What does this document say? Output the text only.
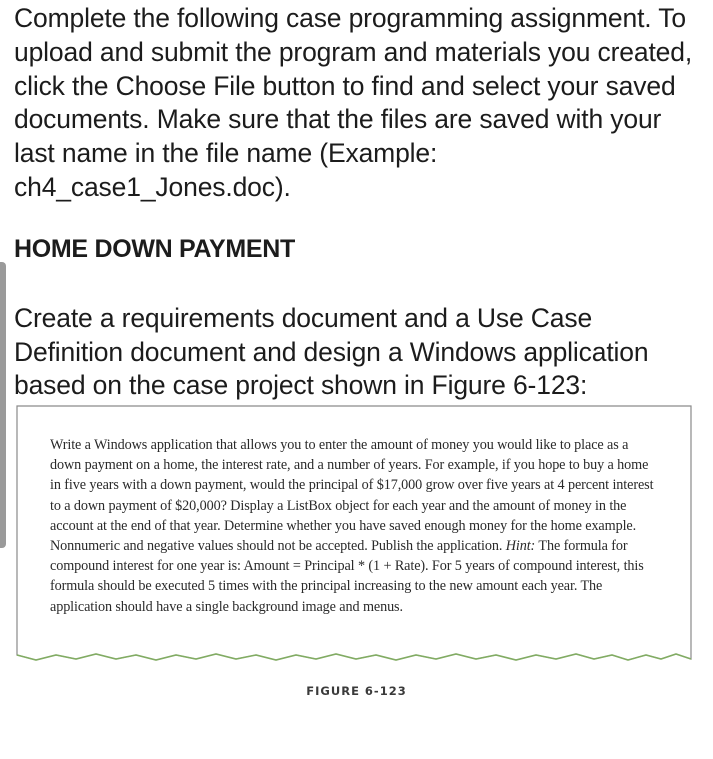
Complete the following case programming assignment. To upload and submit the program and materials you created, click the Choose File button to find and select your saved documents. Make sure that the files are saved with your last name in the file name (Example: ch4_case1_Jones.doc).

HOME DOWN PAYMENT

Create a requirements document and a Use Case Definition document and design a Windows application based on the case project shown in Figure 6-123:

Write a Windows application that allows you to enter the amount of money you would like to place as a down payment on a home, the interest rate, and a number of years. For example, if you hope to buy a home in five years with a down payment, would the principal of $17,000 grow over five years at 4 percent interest to a down payment of $20,000? Display a ListBox object for each year and the amount of money in the account at the end of that year. Determine whether you have saved enough money for the home example. Nonnumeric and negative values should not be accepted. Publish the application. Hint: The formula for compound interest for one year is: Amount = Principal * (1 + Rate). For 5 years of compound interest, this formula should be executed 5 times with the principal increasing to the new amount each year. The application should have a single background image and menus.

FIGURE 6-123
